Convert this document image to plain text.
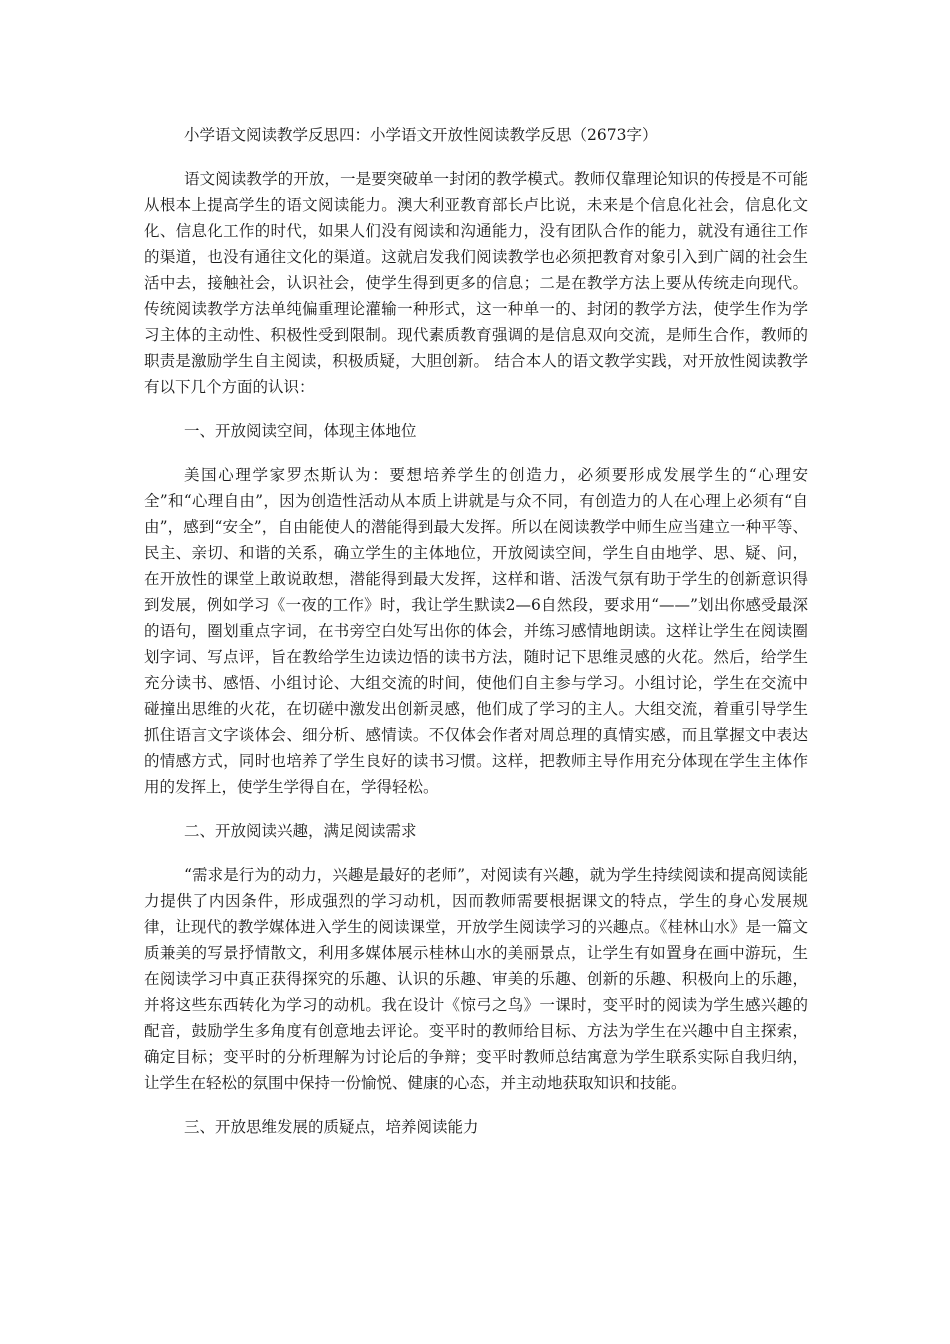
小学语文阅读教学反思四：小学语文开放性阅读教学反思（2673字）

语文阅读教学的开放，一是要突破单一封闭的教学模式。教师仅靠理论知识的传授是不可能从根本上提高学生的语文阅读能力。澳大利亚教育部长卢比说，未来是个信息化社会，信息化文化、信息化工作的时代，如果人们没有阅读和沟通能力，没有团队合作的能力，就没有通往工作的渠道，也没有通往文化的渠道。这就启发我们阅读教学也必须把教育对象引入到广阔的社会生活中去，接触社会，认识社会，使学生得到更多的信息；二是在教学方法上要从传统走向现代。传统阅读教学方法单纯偏重理论灌输一种形式，这一种单一的、封闭的教学方法，使学生作为学习主体的主动性、积极性受到限制。现代素质教育强调的是信息双向交流，是师生合作，教师的职责是激励学生自主阅读，积极质疑，大胆创新。 结合本人的语文教学实践，对开放性阅读教学有以下几个方面的认识：

一、开放阅读空间，体现主体地位

美国心理学家罗杰斯认为：要想培养学生的创造力，必须要形成发展学生的“心理安全”和“心理自由”，因为创造性活动从本质上讲就是与众不同，有创造力的人在心理上必须有“自由”，感到“安全”，自由能使人的潜能得到最大发挥。所以在阅读教学中师生应当建立一种平等、民主、亲切、和谐的关系，确立学生的主体地位，开放阅读空间，学生自由地学、思、疑、问，在开放性的课堂上敢说敢想，潜能得到最大发挥，这样和谐、活泼气氛有助于学生的创新意识得到发展，例如学习《一夜的工作》时，我让学生默读2—6自然段，要求用“——”划出你感受最深的语句，圈划重点字词，在书旁空白处写出你的体会，并练习感情地朗读。这样让学生在阅读圈划字词、写点评，旨在教给学生边读边悟的读书方法，随时记下思维灵感的火花。然后，给学生充分读书、感悟、小组讨论、大组交流的时间，使他们自主参与学习。小组讨论，学生在交流中碰撞出思维的火花，在切磋中激发出创新灵感，他们成了学习的主人。大组交流，着重引导学生抓住语言文字谈体会、细分析、感情读。不仅体会作者对周总理的真情实感，而且掌握文中表达的情感方式，同时也培养了学生良好的读书习惯。这样，把教师主导作用充分体现在学生主体作用的发挥上，使学生学得自在，学得轻松。

二、开放阅读兴趣，满足阅读需求

“需求是行为的动力，兴趣是最好的老师”，对阅读有兴趣，就为学生持续阅读和提高阅读能力提供了内因条件，形成强烈的学习动机，因而教师需要根据课文的特点，学生的身心发展规律，让现代的教学媒体进入学生的阅读课堂，开放学生阅读学习的兴趣点。《桂林山水》是一篇文质兼美的写景抒情散文，利用多媒体展示桂林山水的美丽景点，让学生有如置身在画中游玩，生在阅读学习中真正获得探究的乐趣、认识的乐趣、审美的乐趣、创新的乐趣、积极向上的乐趣，并将这些东西转化为学习的动机。我在设计《惊弓之鸟》一课时，变平时的阅读为学生感兴趣的配音，鼓励学生多角度有创意地去评论。变平时的教师给目标、方法为学生在兴趣中自主探索，确定目标；变平时的分析理解为讨论后的争辩；变平时教师总结寓意为学生联系实际自我归纳，让学生在轻松的氛围中保持一份愉悦、健康的心态，并主动地获取知识和技能。

三、开放思维发展的质疑点，培养阅读能力
